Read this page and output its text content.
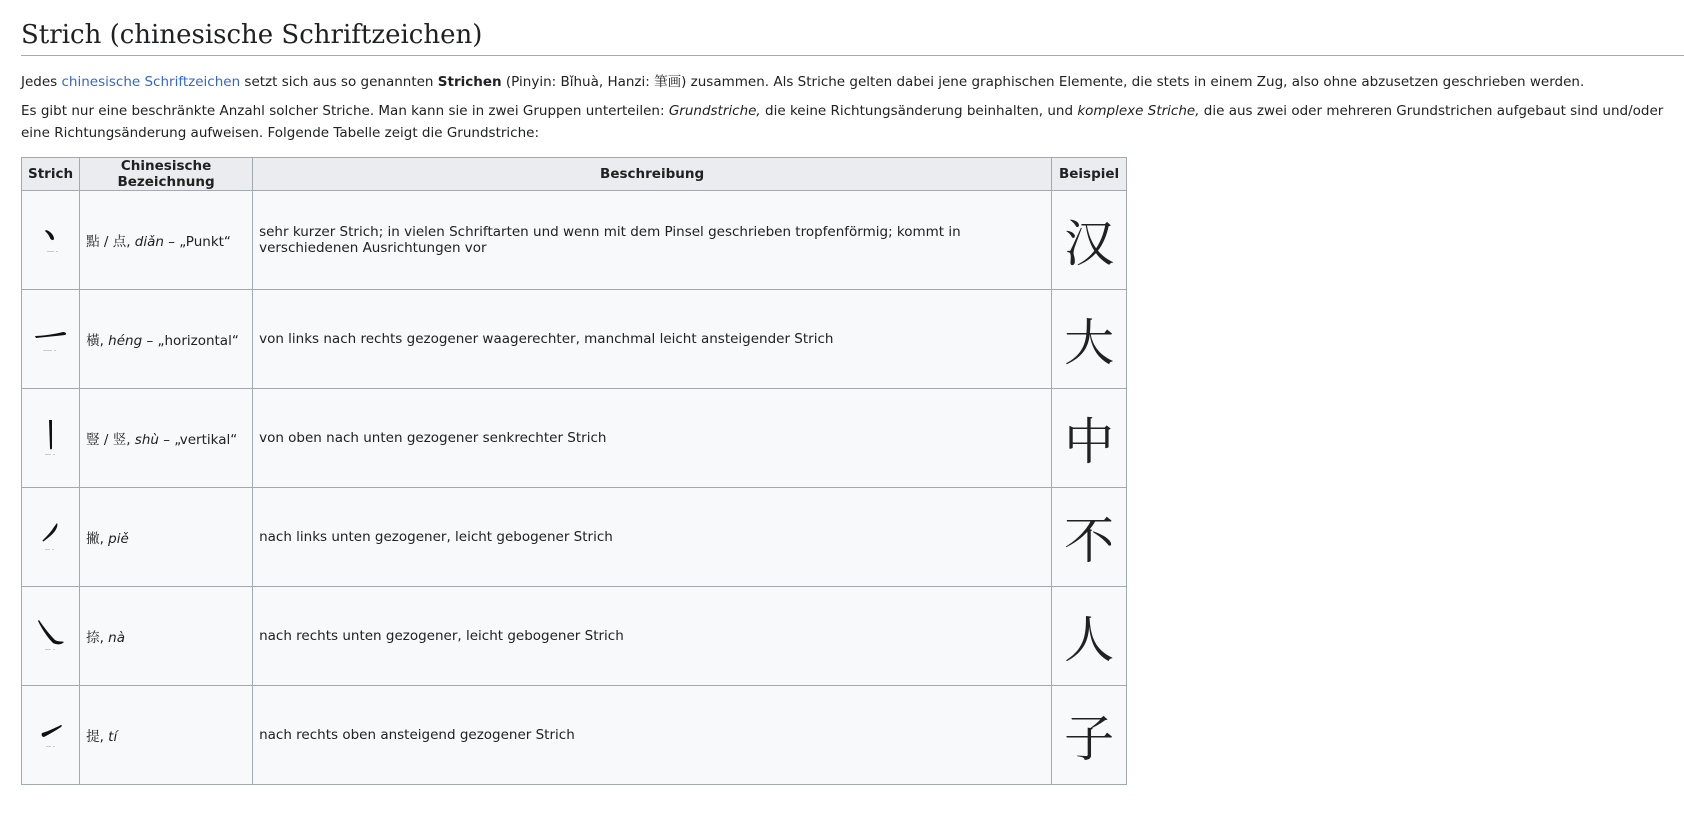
Strich (chinesische Schriftzeichen)

Jedes chinesische Schriftzeichen setzt sich aus so genannten Strichen (Pinyin: Bǐhuà, Hanzi: 筆画) zusammen. Als Striche gelten dabei jene graphischen Elemente, die stets in einem Zug, also ohne abzusetzen geschrieben werden.

Es gibt nur eine beschränkte Anzahl solcher Striche. Man kann sie in zwei Gruppen unterteilen: Grundstriche, die keine Richtungsänderung beinhalten, und komplexe Striche, die aus zwei oder mehreren Grundstrichen aufgebaut sind und/oder eine Richtungsänderung aufweisen. Folgende Tabelle zeigt die Grundstriche:

Strich	Chinesische Bezeichnung	Beschreibung	Beispiel

	點 / 点, diǎn – „Punkt“	sehr kurzer Strich; in vielen Schriftarten und wenn mit dem Pinsel geschrieben tropfenförmig; kommt in verschiedenen Ausrichtungen vor	汉

	橫, héng – „horizontal“	von links nach rechts gezogener waagerechter, manchmal leicht ansteigender Strich	大

	豎 / 竖, shù – „vertikal“	von oben nach unten gezogener senkrechter Strich	中

	撇, piě	nach links unten gezogener, leicht gebogener Strich	不

	捺, nà	nach rechts unten gezogener, leicht gebogener Strich	人

	提, tí	nach rechts oben ansteigend gezogener Strich	子
